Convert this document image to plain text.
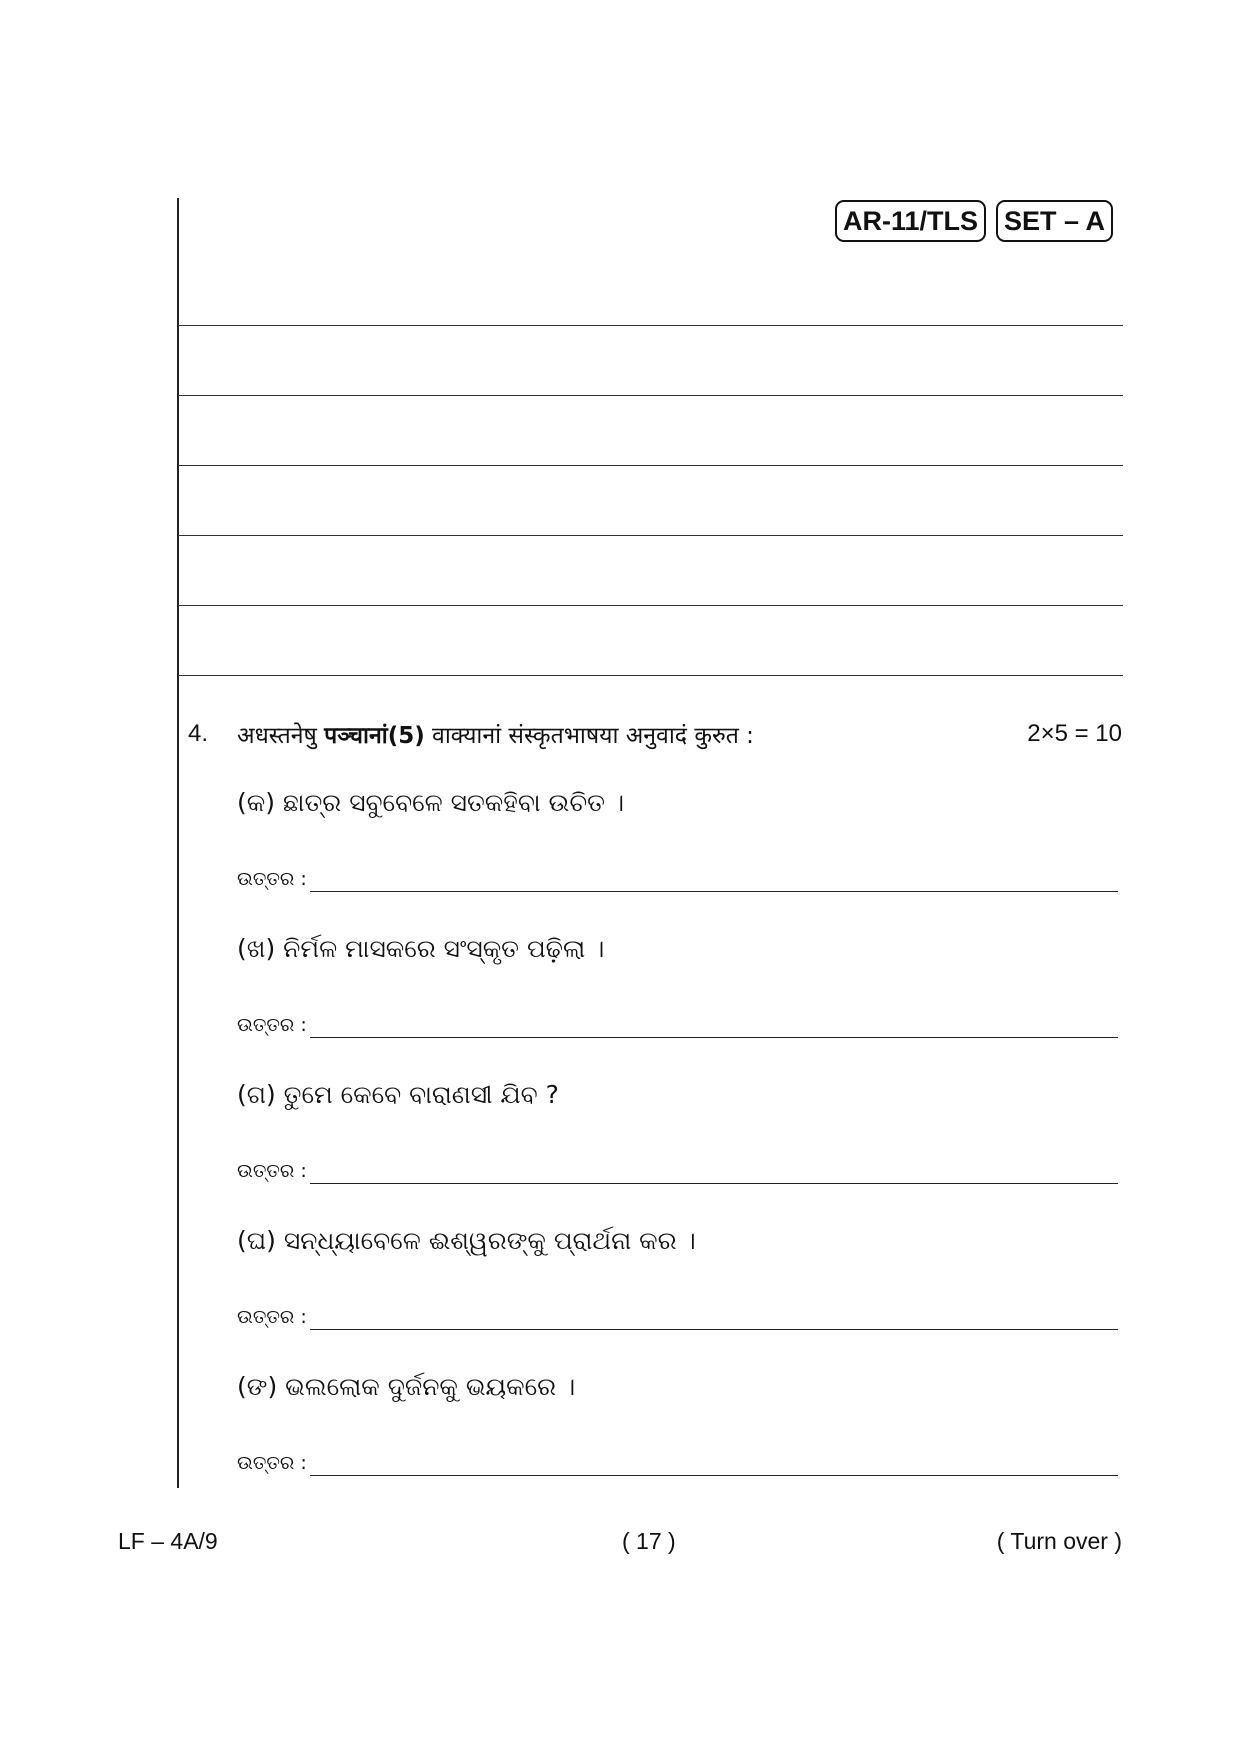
AR-11/TLS SET – A
4. अधस्तनेषु पञ्चानां(5) वाक्यानां संस्कृतभाषया अनुवादं कुरुत :	2×5 = 10
(କ) ଛାତ୍ର ସବୁବେଳେ ସତକହିବା ଉଚିତ ।
ଉତ୍ତର :
(ଖ) ନିର୍ମଳ ମାସକରେ ସଂସ୍କୃତ ପଢ଼ିଲା ।
ଉତ୍ତର :
(ଗ) ତୁମେ କେବେ ବାରାଣସୀ ଯିବ ?
ଉତ୍ତର :
(ଘ) ସନ୍ଧ୍ୟାବେଳେ ଈଶ୍ୱରଙ୍କୁ ପ୍ରାର୍ଥନା କର ।
ଉତ୍ତର :
(ଙ) ଭଲଲୋକ ଦୁର୍ଜନକୁ ଭୟକରେ ।
ଉତ୍ତର :
LF – 4A/9	( 17 )	( Turn over )
